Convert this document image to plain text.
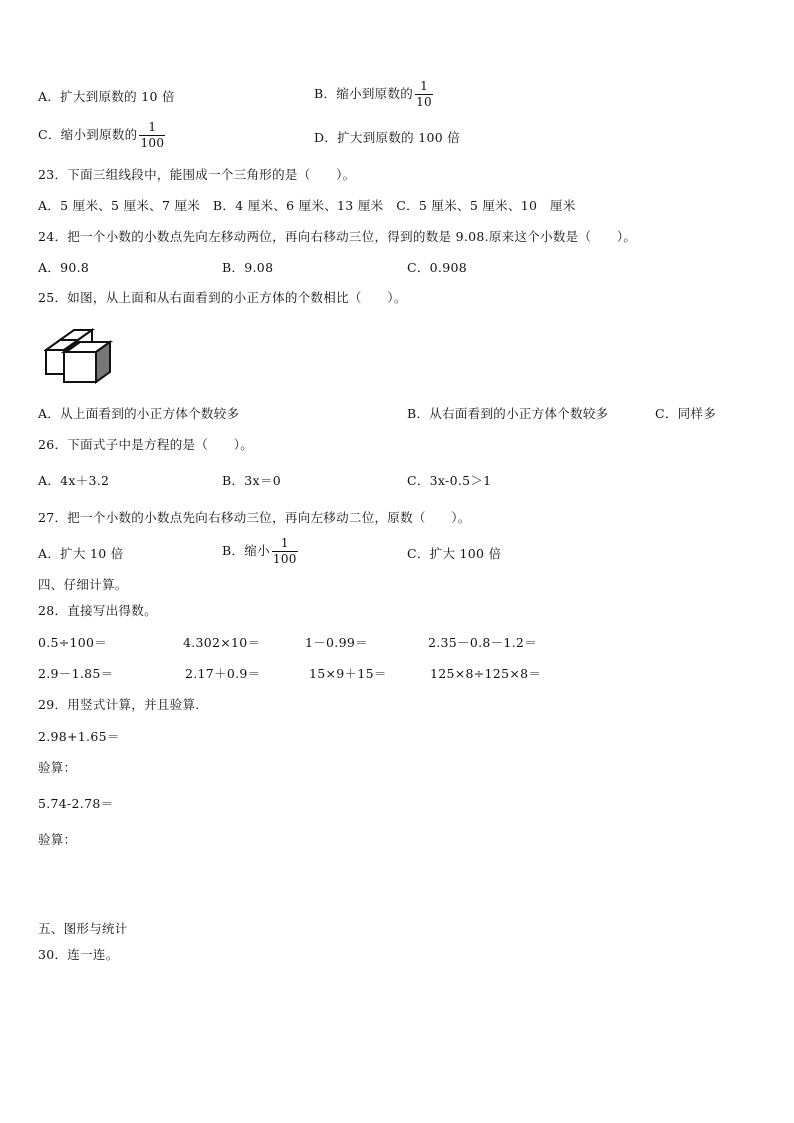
A．扩大到原数的 10 倍	B．缩小到原数的 $\frac{1}{10}$
C．缩小到原数的 $\frac{1}{100}$	D．扩大到原数的 100 倍
23．下面三组线段中，能围成一个三角形的是（　　）。
A．5 厘米、5 厘米、7 厘米　B．4 厘米、6 厘米、13 厘米　C．5 厘米、5 厘米、10　厘米
24．把一个小数的小数点先向左移动两位，再向右移动三位，得到的数是 9.08.原来这个小数是（　　）。
A．90.8	B．9.08	C．0.908
25．如图，从上面和从右面看到的小正方体的个数相比（　　）。
A．从上面看到的小正方体个数较多	B．从右面看到的小正方体个数较多	C．同样多
26．下面式子中是方程的是（　　）。
A．4x＋3.2	B．3x＝0	C．3x-0.5＞1
27．把一个小数的小数点先向右移动三位，再向左移动二位，原数（　　）。
A．扩大 10 倍	B．缩小 $\frac{1}{100}$	C．扩大 100 倍
四、仔细计算。
28．直接写出得数。
0.5÷100＝	4.302×10＝	1－0.99＝	2.35－0.8－1.2＝
2.9－1.85＝	2.17＋0.9＝	15×9＋15＝	125×8÷125×8＝
29．用竖式计算，并且验算.
2.98+1.65＝
验算：
5.74-2.78＝
验算：
五、图形与统计
30．连一连。
